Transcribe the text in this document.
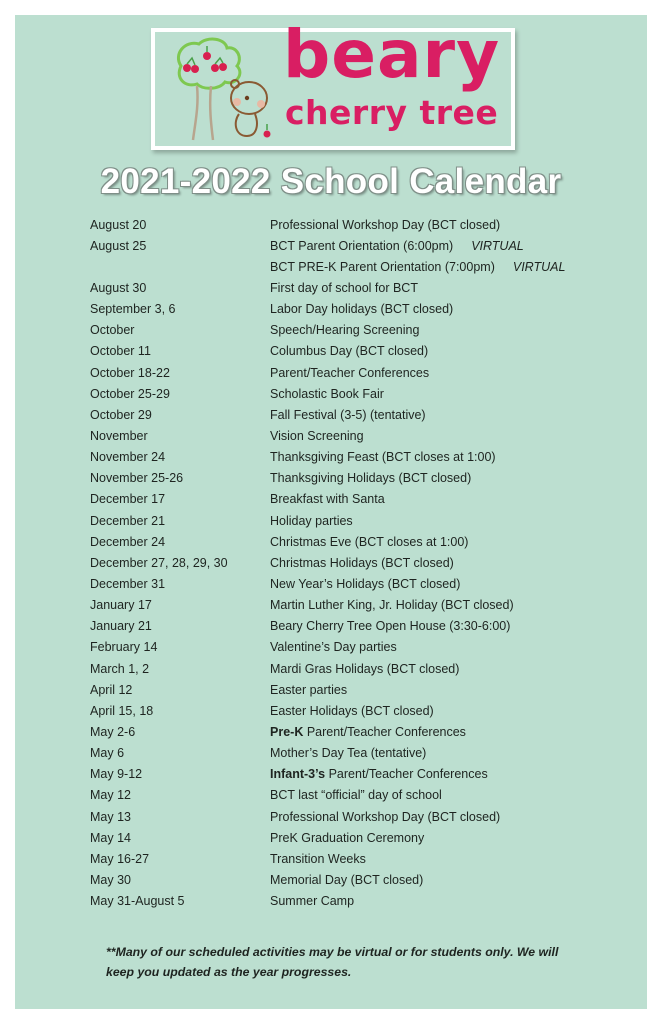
beary
cherry tree
2021-2022 School Calendar
August 20	Professional Workshop Day (BCT closed)
August 25	BCT Parent Orientation (6:00pm) VIRTUAL
BCT PRE-K Parent Orientation (7:00pm) VIRTUAL
August 30	First day of school for BCT
September 3, 6	Labor Day holidays (BCT closed)
October	Speech/Hearing Screening
October 11	Columbus Day (BCT closed)
October 18-22	Parent/Teacher Conferences
October 25-29	Scholastic Book Fair
October 29	Fall Festival (3-5) (tentative)
November	Vision Screening
November 24	Thanksgiving Feast (BCT closes at 1:00)
November 25-26	Thanksgiving Holidays (BCT closed)
December 17	Breakfast with Santa
December 21	Holiday parties
December 24	Christmas Eve (BCT closes at 1:00)
December 27, 28, 29, 30	Christmas Holidays (BCT closed)
December 31	New Year’s Holidays (BCT closed)
January 17	Martin Luther King, Jr. Holiday (BCT closed)
January 21	Beary Cherry Tree Open House (3:30-6:00)
February 14	Valentine’s Day parties
March 1, 2	Mardi Gras Holidays (BCT closed)
April 12	Easter parties
April 15, 18	Easter Holidays (BCT closed)
May 2-6	Pre-K Parent/Teacher Conferences
May 6	Mother’s Day Tea (tentative)
May 9-12	Infant-3’s Parent/Teacher Conferences
May 12	BCT last “official” day of school
May 13	Professional Workshop Day (BCT closed)
May 14	PreK Graduation Ceremony
May 16-27	Transition Weeks
May 30	Memorial Day (BCT closed)
May 31-August 5	Summer Camp
**Many of our scheduled activities may be virtual or for students only. We will keep you updated as the year progresses.
